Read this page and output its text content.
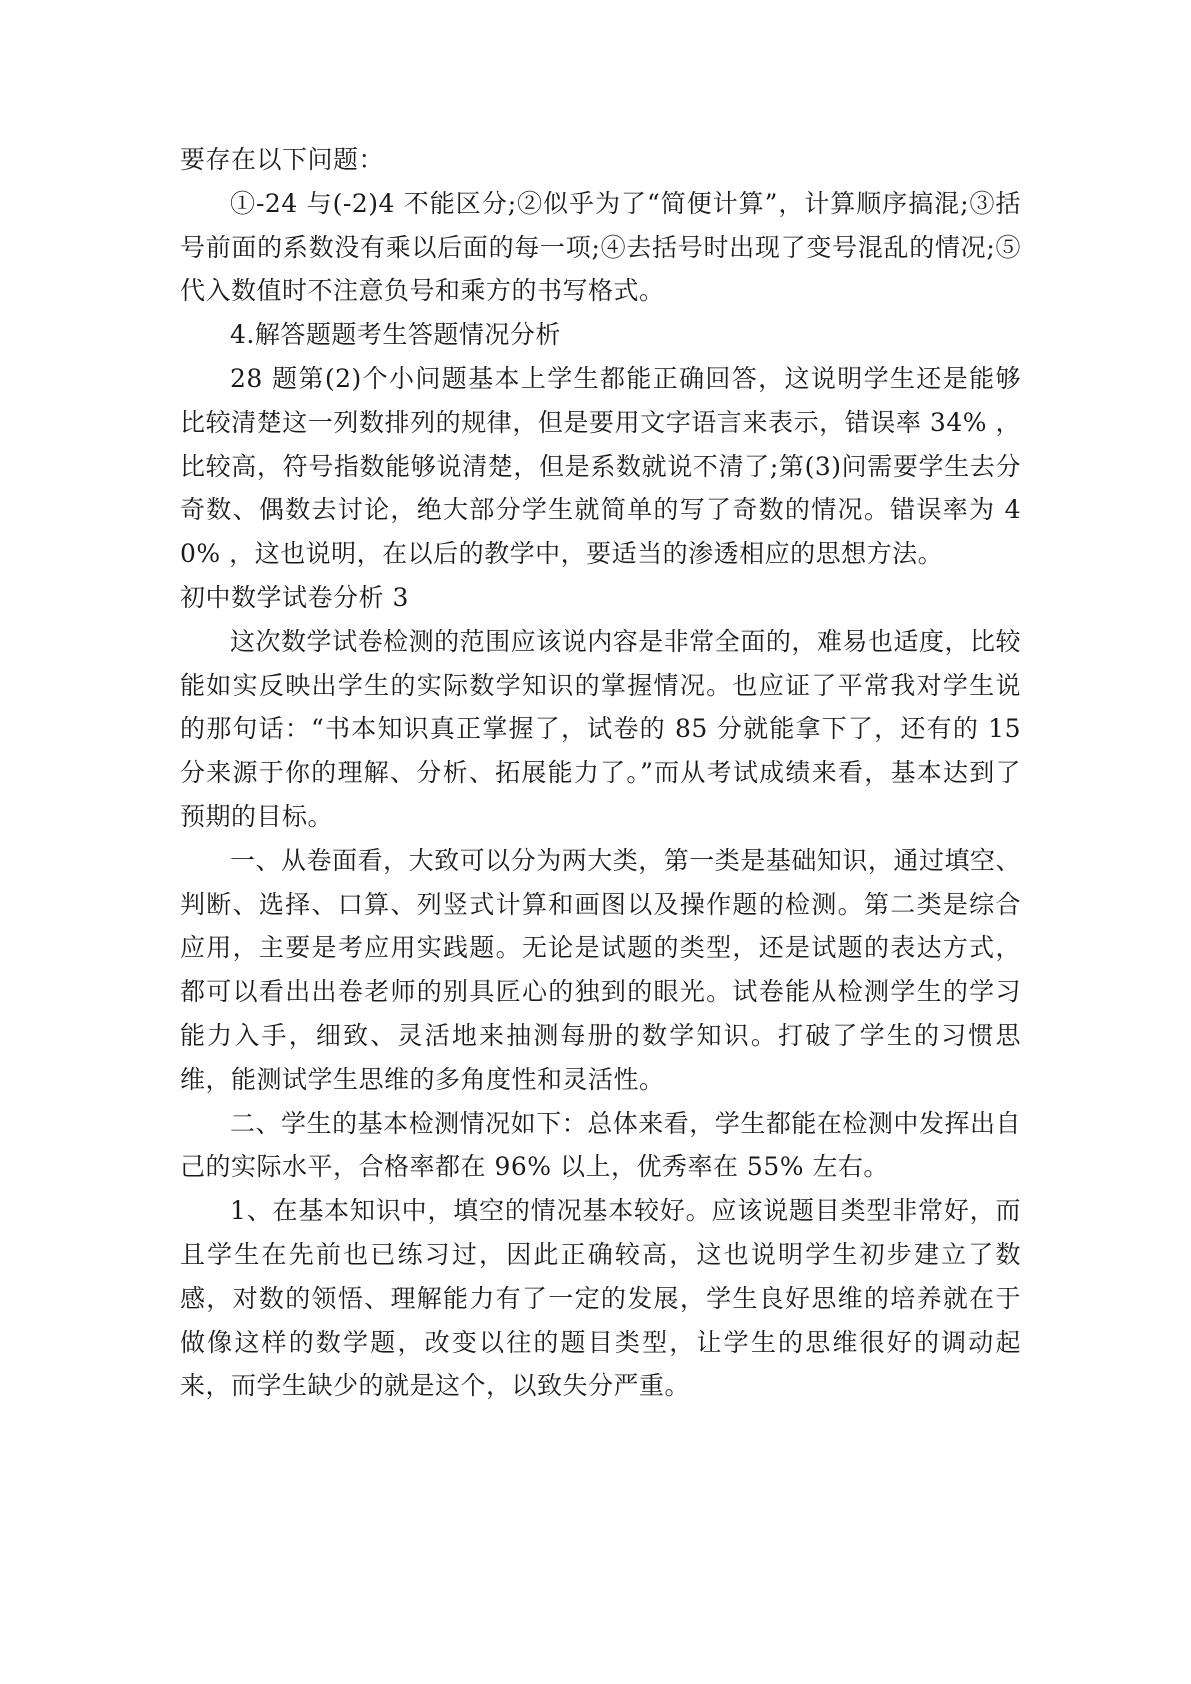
要存在以下问题：

①-24 与(-2)4 不能区分;②似乎为了“简便计算”，计算顺序搞混;③括号前面的系数没有乘以后面的每一项;④去括号时出现了变号混乱的情况;⑤代入数值时不注意负号和乘方的书写格式。

4.解答题题考生答题情况分析

28 题第(2)个小问题基本上学生都能正确回答，这说明学生还是能够比较清楚这一列数排列的规律，但是要用文字语言来表示，错误率 34% ，比较高，符号指数能够说清楚，但是系数就说不清了;第(3)问需要学生去分奇数、偶数去讨论，绝大部分学生就简单的写了奇数的情况。错误率为 40% ，这也说明，在以后的教学中，要适当的渗透相应的思想方法。

初中数学试卷分析 3

这次数学试卷检测的范围应该说内容是非常全面的，难易也适度，比较能如实反映出学生的实际数学知识的掌握情况。也应证了平常我对学生说的那句话：“书本知识真正掌握了，试卷的 85 分就能拿下了，还有的 15 分来源于你的理解、分析、拓展能力了。”而从考试成绩来看，基本达到了预期的目标。

一、从卷面看，大致可以分为两大类，第一类是基础知识，通过填空、判断、选择、口算、列竖式计算和画图以及操作题的检测。第二类是综合应用，主要是考应用实践题。无论是试题的类型，还是试题的表达方式，都可以看出出卷老师的别具匠心的独到的眼光。试卷能从检测学生的学习能力入手，细致、灵活地来抽测每册的数学知识。打破了学生的习惯思维，能测试学生思维的多角度性和灵活性。

二、学生的基本检测情况如下：总体来看，学生都能在检测中发挥出自己的实际水平，合格率都在 96% 以上，优秀率在 55% 左右。

1、在基本知识中，填空的情况基本较好。应该说题目类型非常好，而且学生在先前也已练习过，因此正确较高，这也说明学生初步建立了数感，对数的领悟、理解能力有了一定的发展，学生良好思维的培养就在于做像这样的数学题，改变以往的题目类型，让学生的思维很好的调动起来，而学生缺少的就是这个，以致失分严重。
